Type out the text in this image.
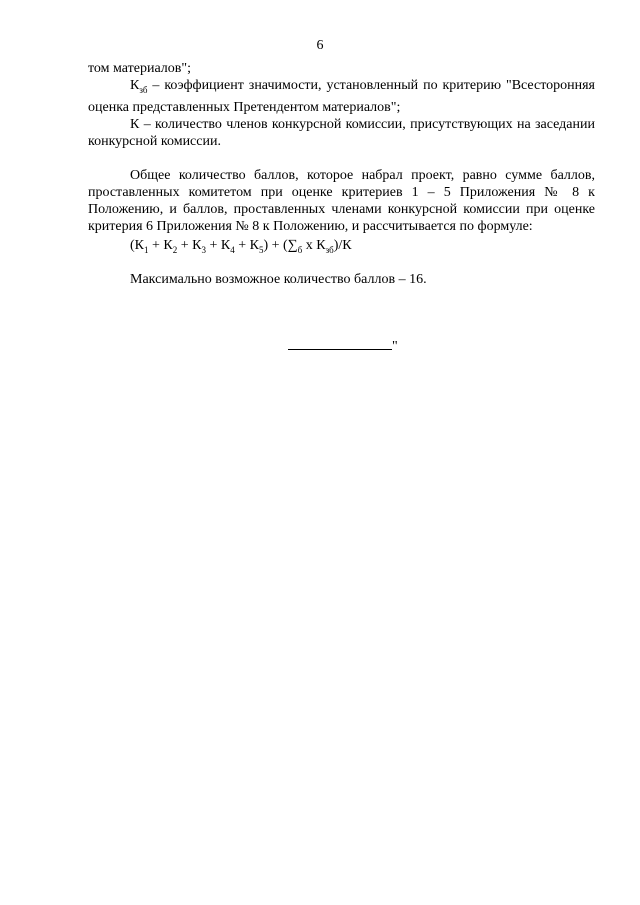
6

том материалов";

$К_{зб}$ – коэффициент значимости, установленный по критерию "Всесторонняя оценка представленных Претендентом материалов";

К – количество членов конкурсной комиссии, присутствующих на заседании конкурсной комиссии.

Общее количество баллов, которое набрал проект, равно сумме баллов, проставленных комитетом при оценке критериев 1 – 5 Приложения № 8 к Положению, и баллов, проставленных членами конкурсной комиссии при оценке критерия 6 Приложения № 8 к Положению, и рассчитывается по формуле:

$(К_1 + К_2 + К_3 + К_4 + К_5) + (\sum_б$ х $К_{зб})/К$

Максимально возможное количество баллов – 16.

"
